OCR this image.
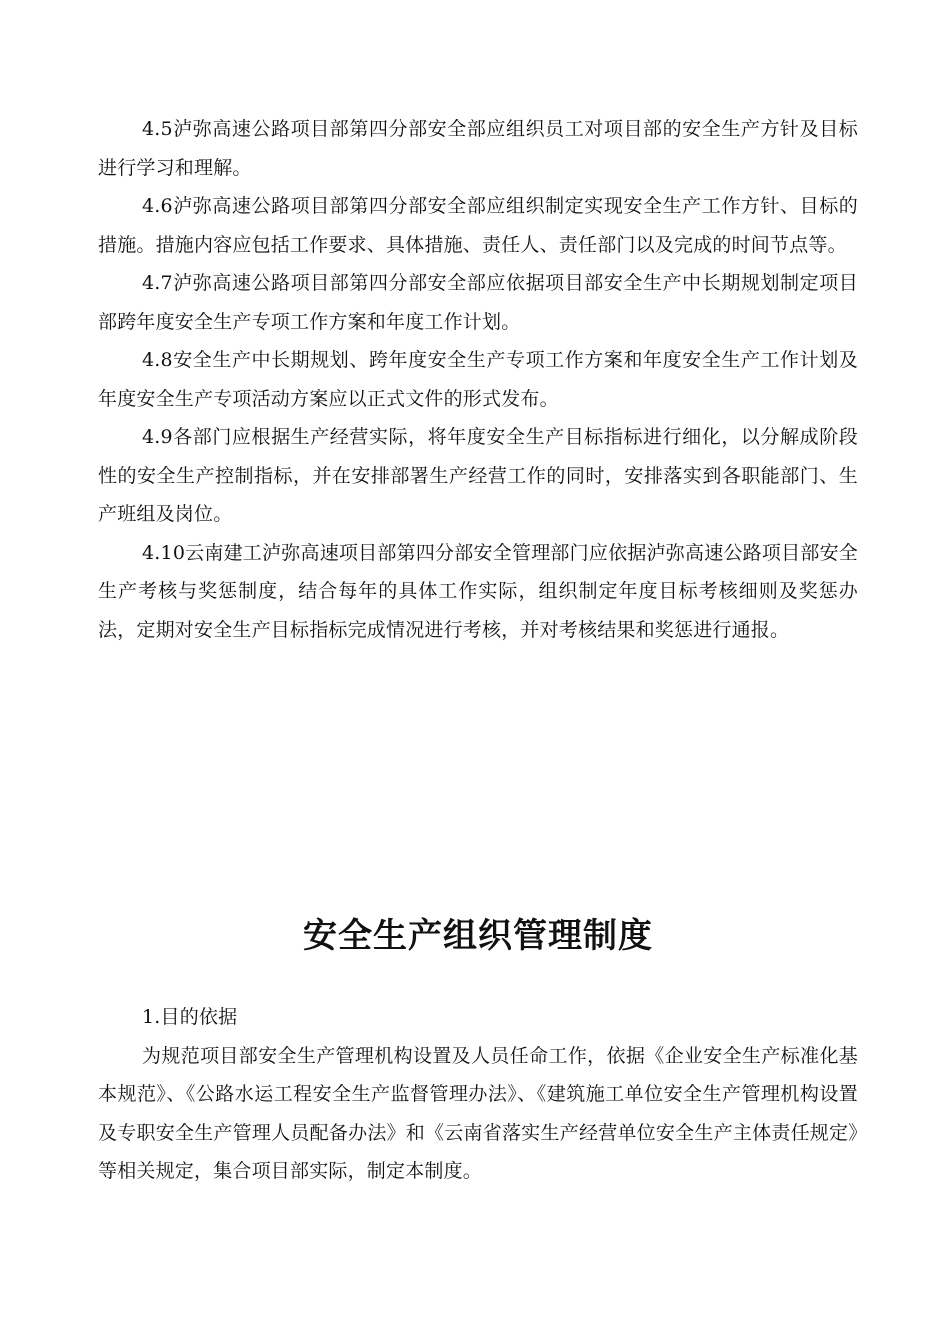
4.5泸弥高速公路项目部第四分部安全部应组织员工对项目部的安全生产方针及目标进行学习和理解。

4.6泸弥高速公路项目部第四分部安全部应组织制定实现安全生产工作方针、目标的措施。措施内容应包括工作要求、具体措施、责任人、责任部门以及完成的时间节点等。

4.7泸弥高速公路项目部第四分部安全部应依据项目部安全生产中长期规划制定项目部跨年度安全生产专项工作方案和年度工作计划。

4.8安全生产中长期规划、跨年度安全生产专项工作方案和年度安全生产工作计划及年度安全生产专项活动方案应以正式文件的形式发布。

4.9各部门应根据生产经营实际，将年度安全生产目标指标进行细化，以分解成阶段性的安全生产控制指标，并在安排部署生产经营工作的同时，安排落实到各职能部门、生产班组及岗位。

4.10云南建工泸弥高速项目部第四分部安全管理部门应依据泸弥高速公路项目部安全生产考核与奖惩制度，结合每年的具体工作实际，组织制定年度目标考核细则及奖惩办法，定期对安全生产目标指标完成情况进行考核，并对考核结果和奖惩进行通报。

安全生产组织管理制度

1.目的依据

为规范项目部安全生产管理机构设置及人员任命工作，依据《企业安全生产标准化基本规范》、《公路水运工程安全生产监督管理办法》、《建筑施工单位安全生产管理机构设置及专职安全生产管理人员配备办法》和《云南省落实生产经营单位安全生产主体责任规定》等相关规定，集合项目部实际，制定本制度。
